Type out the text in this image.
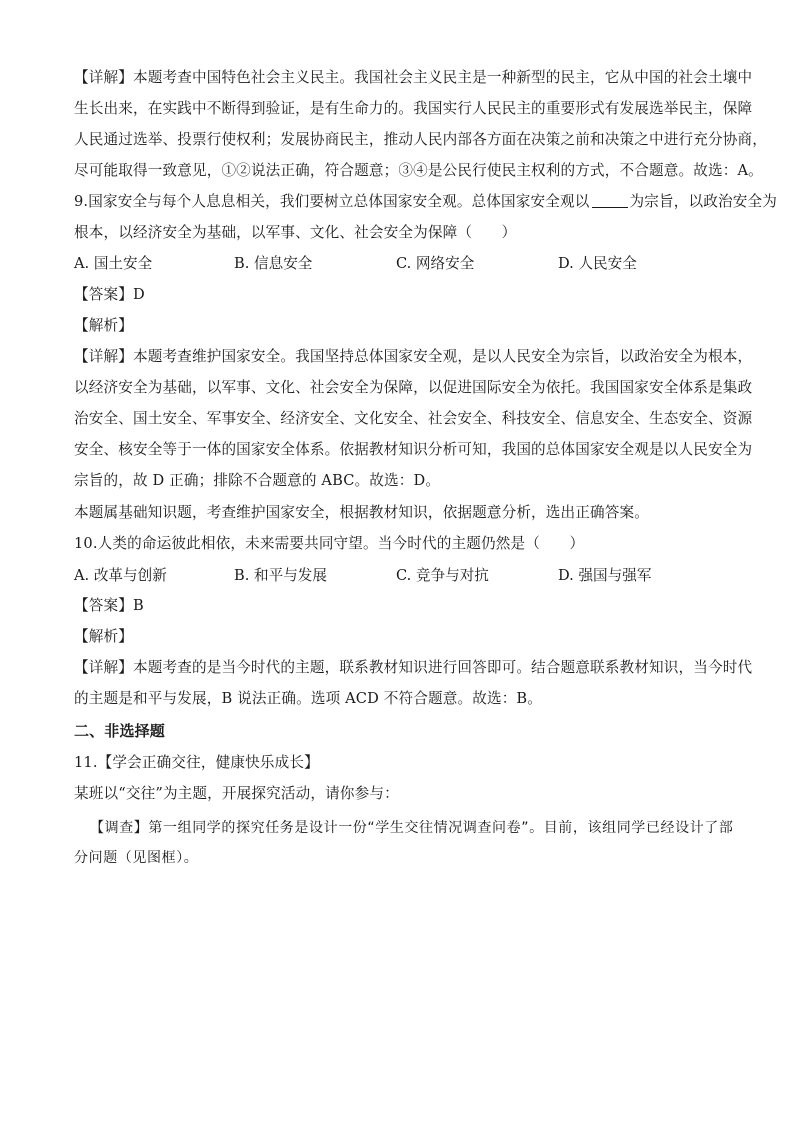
【详解】本题考查中国特色社会主义民主。我国社会主义民主是一种新型的民主，它从中国的社会土壤中
生长出来，在实践中不断得到验证，是有生命力的。我国实行人民民主的重要形式有发展选举民主，保障
人民通过选举、投票行使权利；发展协商民主，推动人民内部各方面在决策之前和决策之中进行充分协商，
尽可能取得一致意见，①②说法正确，符合题意；③④是公民行使民主权利的方式，不合题意。故选：A。
9.国家安全与每个人息息相关，我们要树立总体国家安全观。总体国家安全观以	为宗旨，以政治安全为
根本，以经济安全为基础，以军事、文化、社会安全为保障（　　）
A. 国土安全	B. 信息安全	C. 网络安全	D. 人民安全
【答案】D
【解析】
【详解】本题考查维护国家安全。我国坚持总体国家安全观，是以人民安全为宗旨，以政治安全为根本，
以经济安全为基础，以军事、文化、社会安全为保障，以促进国际安全为依托。我国国家安全体系是集政
治安全、国土安全、军事安全、经济安全、文化安全、社会安全、科技安全、信息安全、生态安全、资源
安全、核安全等于一体的国家安全体系。依据教材知识分析可知，我国的总体国家安全观是以人民安全为
宗旨的，故 D 正确；排除不合题意的 ABC。故选：D。
本题属基础知识题，考查维护国家安全，根据教材知识，依据题意分析，选出正确答案。
10.人类的命运彼此相依，未来需要共同守望。当今时代的主题仍然是（　　）
A. 改革与创新	B. 和平与发展	C. 竞争与对抗	D. 强国与强军
【答案】B
【解析】
【详解】本题考查的是当今时代的主题，联系教材知识进行回答即可。结合题意联系教材知识，当今时代
的主题是和平与发展，B 说法正确。选项 ACD 不符合题意。故选：B。
二、非选择题
11.【学会正确交往，健康快乐成长】
某班以“交往”为主题，开展探究活动，请你参与：
【调查】第一组同学的探究任务是设计一份“学生交往情况调查问卷”。目前，该组同学已经设计了部
分问题（见图框）。
